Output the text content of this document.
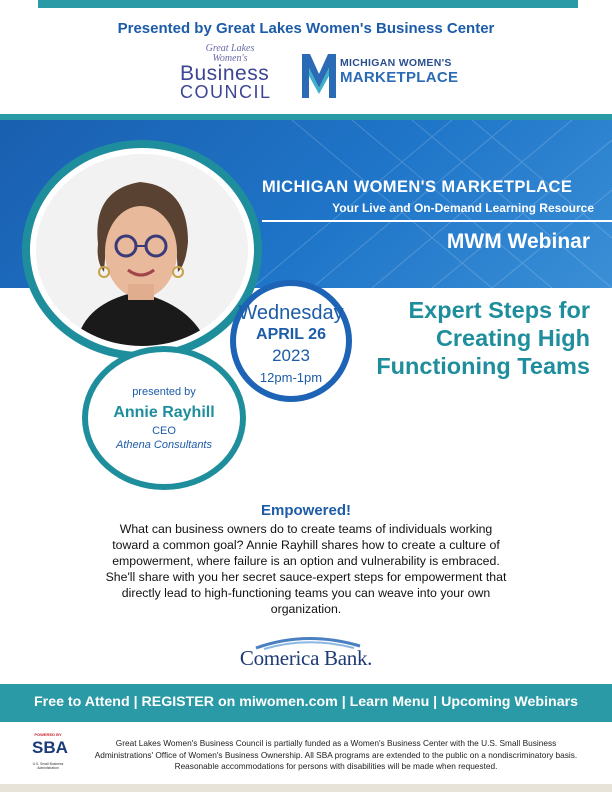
Presented by Great Lakes Women's Business Center
Great Lakes
Women's
Business
COUNCIL
MICHIGAN WOMEN'S
MARKETPLACE
MICHIGAN WOMEN'S MARKETPLACE
Your Live and On-Demand Learning Resource
MWM Webinar
Wednesday
APRIL 26
2023
12pm-1pm
presented by
Annie Rayhill
CEO
Athena Consultants
Expert Steps for Creating High Functioning Teams
Empowered!
What can business owners do to create teams of individuals working toward a common goal? Annie Rayhill shares how to create a culture of empowerment, where failure is an option and vulnerability is embraced. She'll share with you her secret sauce-expert steps for empowerment that directly lead to high-functioning teams you can weave into your own organization.
Comerica Bank.
Free to Attend | REGISTER on miwomen.com | Learn Menu | Upcoming Webinars
POWERED BY
SBA
U.S. Small Business Administration
Great Lakes Women's Business Council is partially funded as a Women's Business Center with the U.S. Small Business Administrations' Office of Women's Business Ownership. All SBA programs are extended to the public on a nondiscriminatory basis. Reasonable accommodations for persons with disabilities will be made when requested.
